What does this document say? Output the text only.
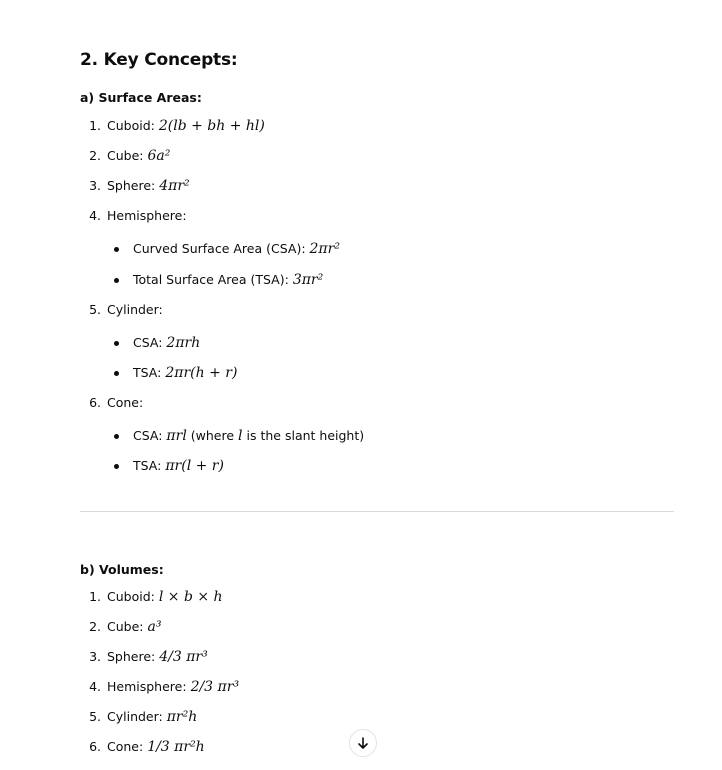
2. Key Concepts:
a) Surface Areas:
1. Cuboid: 2(lb + bh + hl)
2. Cube: 6a²
3. Sphere: 4πr²
4. Hemisphere:
Curved Surface Area (CSA): 2πr²
Total Surface Area (TSA): 3πr²
5. Cylinder:
CSA: 2πrh
TSA: 2πr(h + r)
6. Cone:
CSA: πrl (where l is the slant height)
TSA: πr(l + r)
b) Volumes:
1. Cuboid: l × b × h
2. Cube: a³
3. Sphere: 4/3 πr³
4. Hemisphere: 2/3 πr³
5. Cylinder: πr²h
6. Cone: 1/3 πr²h
